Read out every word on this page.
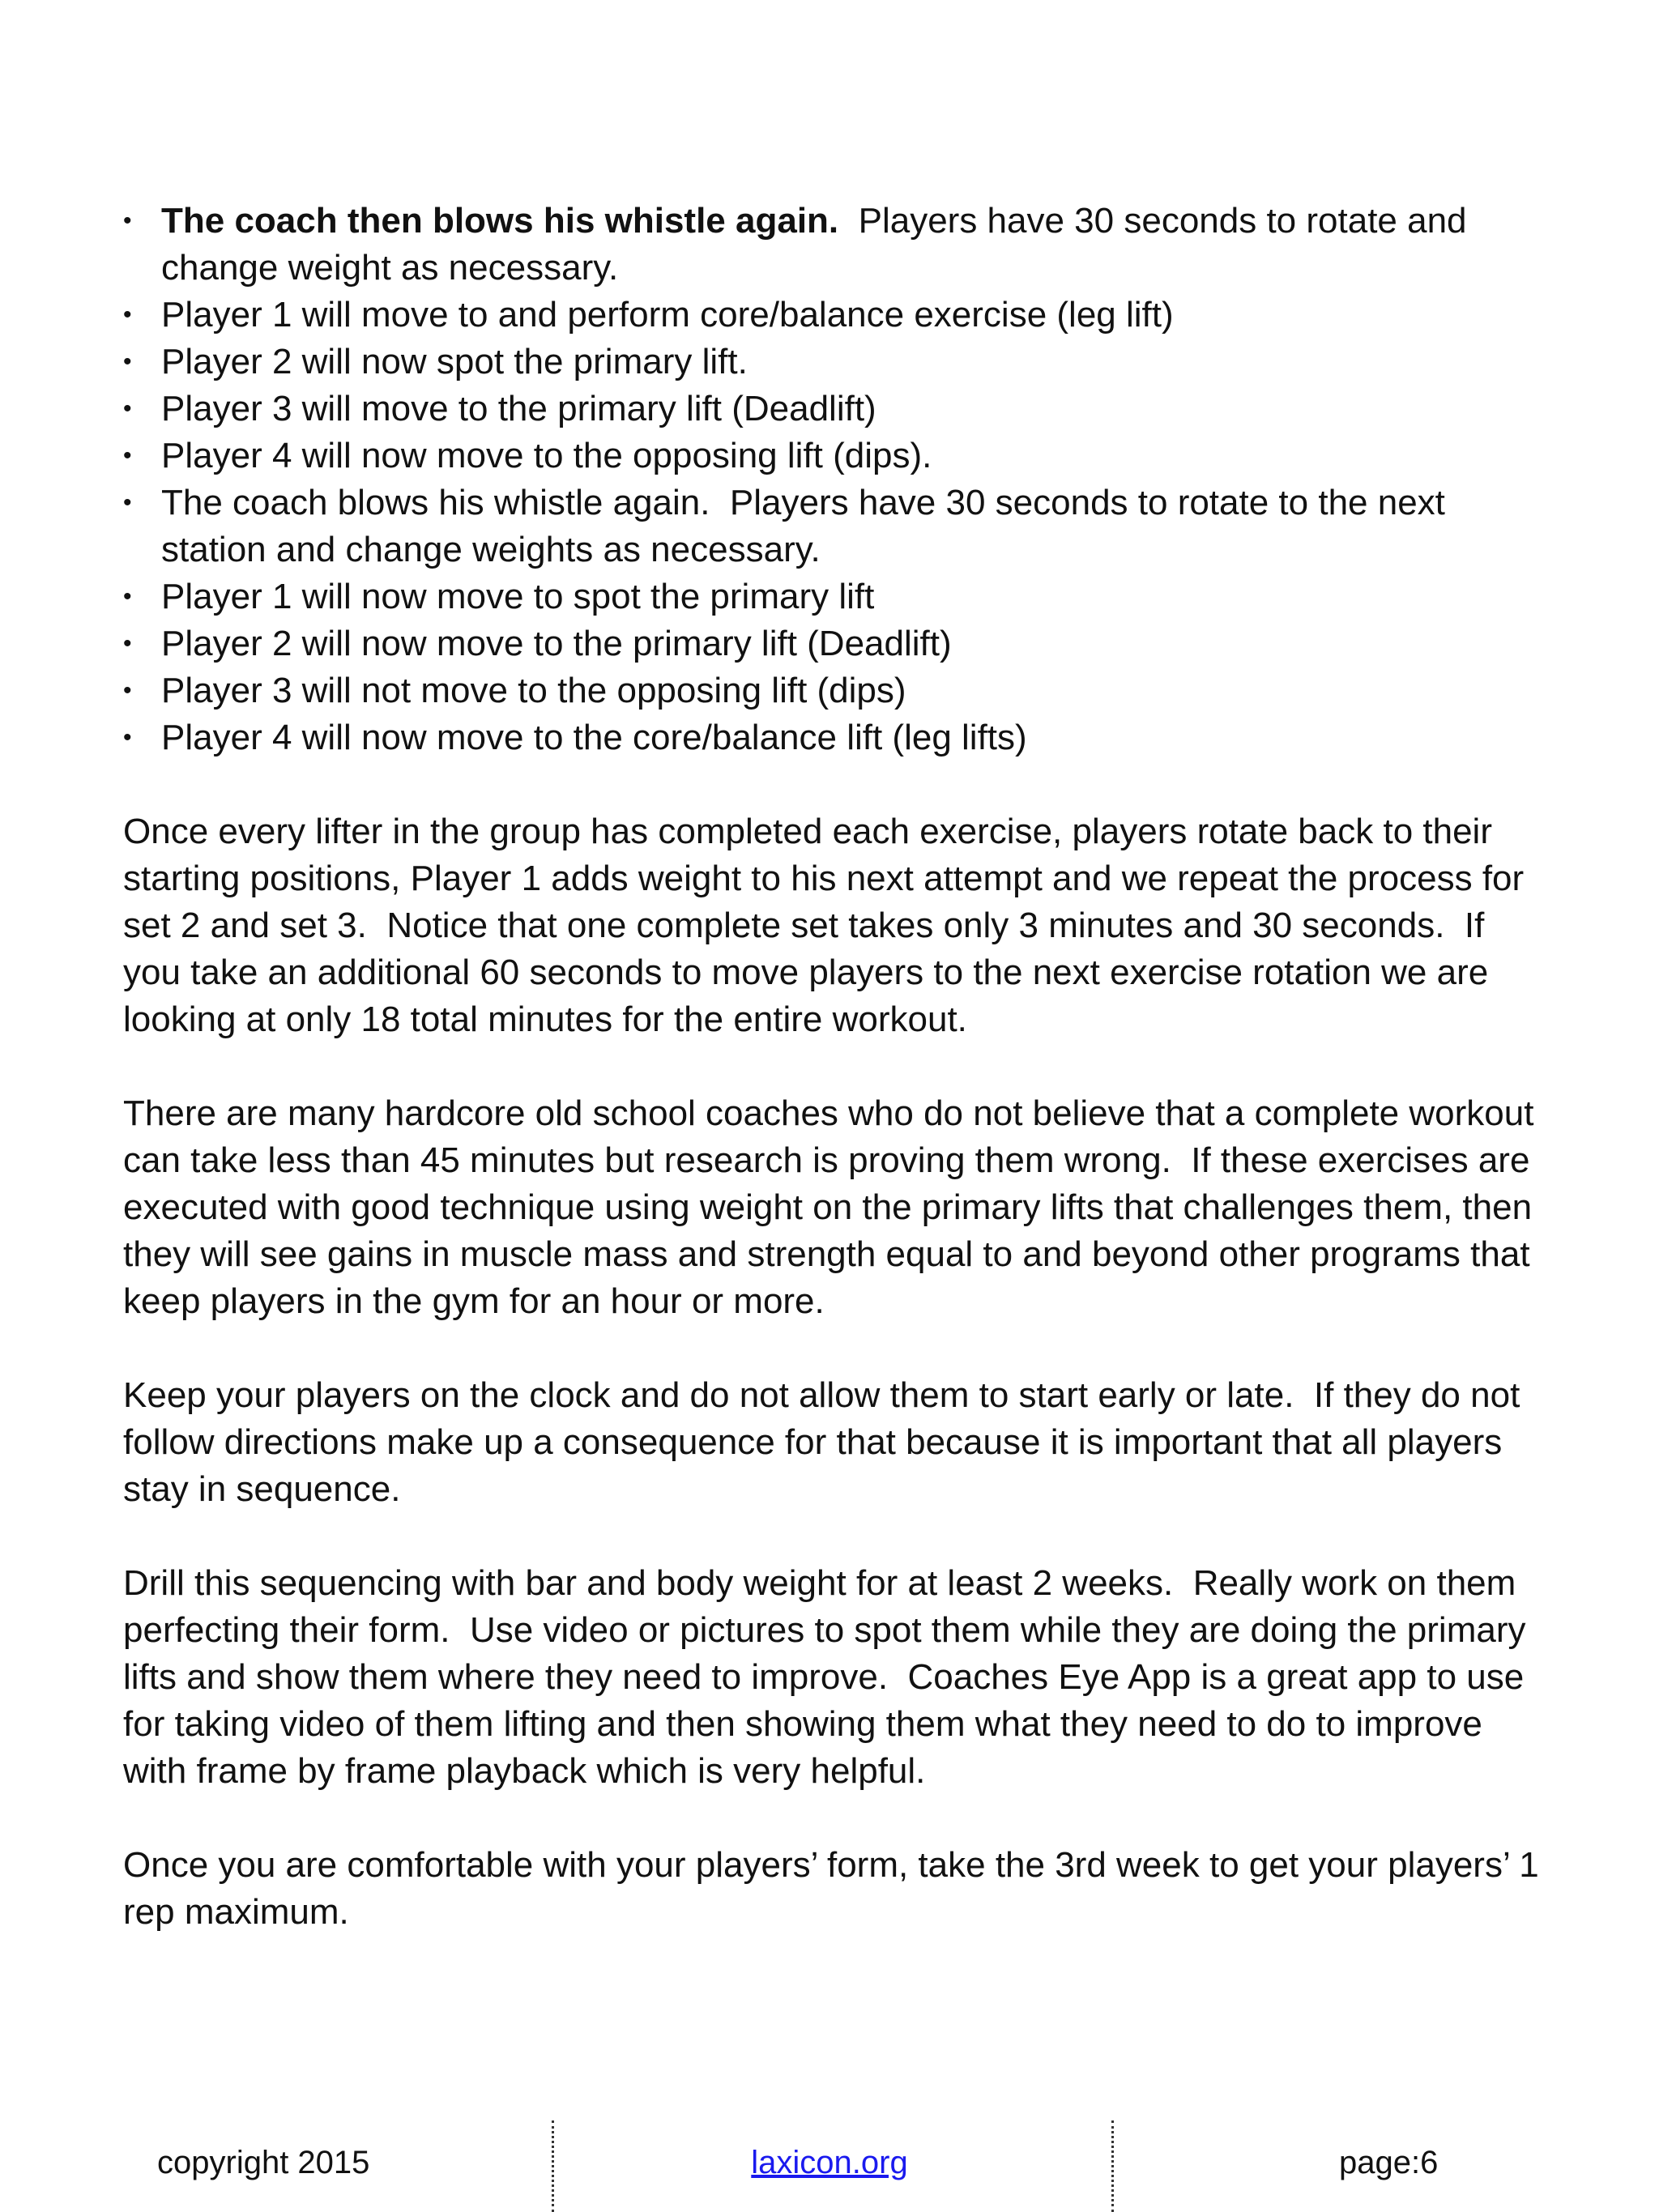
• The coach then blows his whistle again.  Players have 30 seconds to rotate and change weight as necessary.
• Player 1 will move to and perform core/balance exercise (leg lift)
• Player 2 will now spot the primary lift.
• Player 3 will move to the primary lift (Deadlift)
• Player 4 will now move to the opposing lift (dips).
• The coach blows his whistle again.  Players have 30 seconds to rotate to the next station and change weights as necessary.
• Player 1 will now move to spot the primary lift
• Player 2 will now move to the primary lift (Deadlift)
• Player 3 will not move to the opposing lift (dips)
• Player 4 will now move to the core/balance lift (leg lifts)

Once every lifter in the group has completed each exercise, players rotate back to their starting positions, Player 1 adds weight to his next attempt and we repeat the process for set 2 and set 3.  Notice that one complete set takes only 3 minutes and 30 seconds.  If you take an additional 60 seconds to move players to the next exercise rotation we are looking at only 18 total minutes for the entire workout.

There are many hardcore old school coaches who do not believe that a complete workout can take less than 45 minutes but research is proving them wrong.  If these exercises are executed with good technique using weight on the primary lifts that challenges them, then they will see gains in muscle mass and strength equal to and beyond other programs that keep players in the gym for an hour or more.

Keep your players on the clock and do not allow them to start early or late.  If they do not follow directions make up a consequence for that because it is important that all players stay in sequence.

Drill this sequencing with bar and body weight for at least 2 weeks.  Really work on them perfecting their form.  Use video or pictures to spot them while they are doing the primary lifts and show them where they need to improve.  Coaches Eye App is a great app to use for taking video of them lifting and then showing them what they need to do to improve with frame by frame playback which is very helpful.

Once you are comfortable with your players’ form, take the 3rd week to get your players’ 1 rep maximum.

copyright 2015	laxicon.org	page:6
